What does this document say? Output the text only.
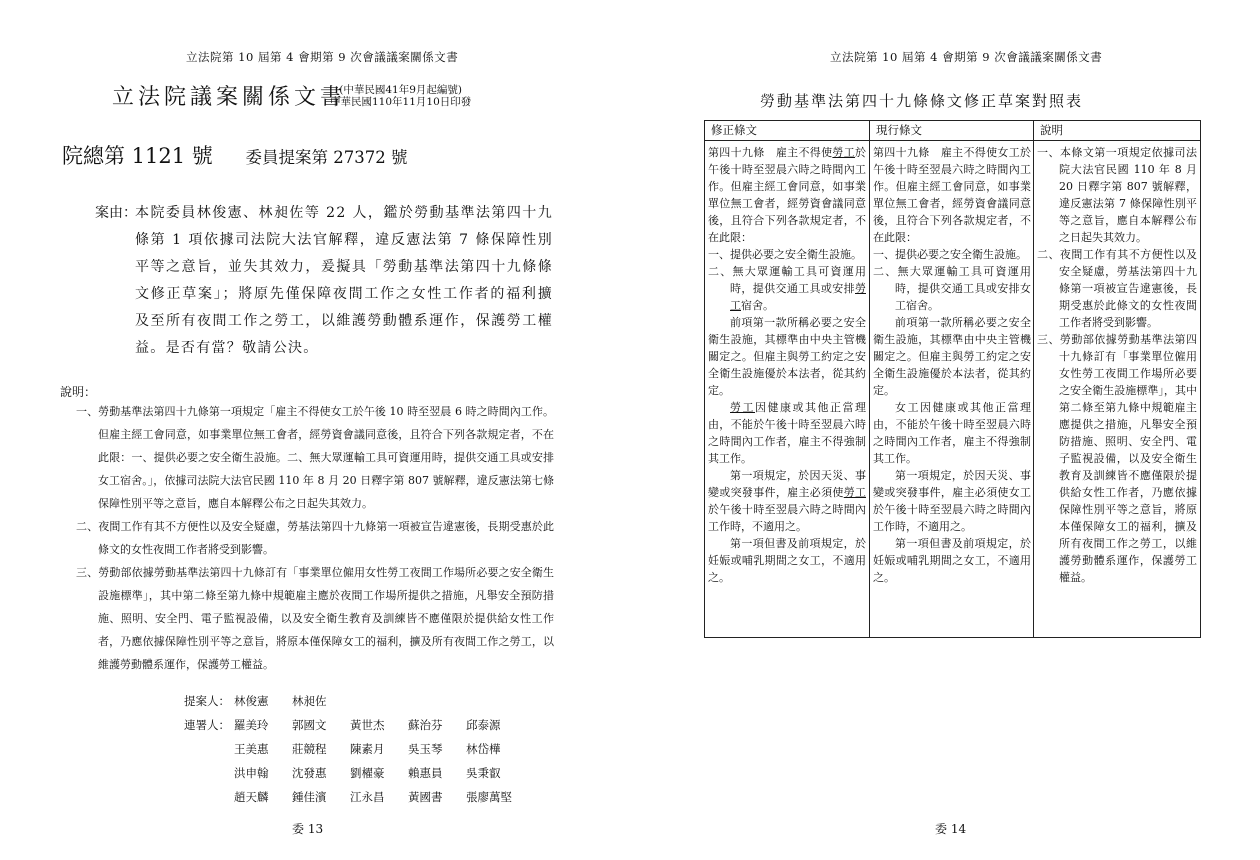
立法院第 10 屆第 4 會期第 9 次會議議案關係文書
立法院議案關係文書
(中華民國41年9月起編號)
中華民國110年11月10日印發
院總第 1121 號 委員提案第 27372 號
案由：
本院委員林俊憲、林昶佐等 22 人，鑑於勞動基準法第四十九條第 1 項依據司法院大法官解釋，違反憲法第 7 條保障性別平等之意旨，並失其效力，爰擬具「勞動基準法第四十九條條文修正草案」；將原先僅保障夜間工作之女性工作者的福利擴及至所有夜間工作之勞工，以維護勞動體系運作，保護勞工權益。是否有當？敬請公決。
說明：
一、勞動基準法第四十九條第一項規定「雇主不得使女工於午後 10 時至翌晨 6 時之時間內工作。但雇主經工會同意，如事業單位無工會者，經勞資會議同意後，且符合下列各款規定者，不在此限：一、提供必要之安全衛生設施。二、無大眾運輸工具可資運用時，提供交通工具或安排女工宿舍。」，依據司法院大法官民國 110 年 8 月 20 日釋字第 807 號解釋，違反憲法第七條保障性別平等之意旨，應自本解釋公布之日起失其效力。
二、夜間工作有其不方便性以及安全疑慮，勞基法第四十九條第一項被宣告違憲後，長期受惠於此條文的女性夜間工作者將受到影響。
三、勞動部依據勞動基準法第四十九條訂有「事業單位僱用女性勞工夜間工作場所必要之安全衛生設施標準」，其中第二條至第九條中規範雇主應於夜間工作場所提供之措施，凡舉安全預防措施、照明、安全門、電子監視設備，以及安全衛生教育及訓練皆不應僅限於提供給女性工作者，乃應依據保障性別平等之意旨，將原本僅保障女工的福利，擴及所有夜間工作之勞工，以維護勞動體系運作，保護勞工權益。
提案人： 林俊憲 林昶佐
連署人： 羅美玲 郭國文 黃世杰 蘇治芬 邱泰源
王美惠 莊競程 陳素月 吳玉琴 林岱樺
洪申翰 沈發惠 劉櫂豪 賴惠員 吳秉叡
趙天麟 鍾佳濱 江永昌 黃國書 張廖萬堅
委 13
立法院第 10 屆第 4 會期第 9 次會議議案關係文書
勞動基準法第四十九條條文修正草案對照表
修正條文

第四十九條　雇主不得使勞工於午後十時至翌晨六時之時間內工作。但雇主經工會同意，如事業單位無工會者，經勞資會議同意後，且符合下列各款規定者，不在此限：

一、提供必要之安全衛生設施。

二、無大眾運輸工具可資運用時，提供交通工具或安排勞工宿舍。

前項第一款所稱必要之安全衛生設施，其標準由中央主管機關定之。但雇主與勞工約定之安全衛生設施優於本法者，從其約定。

勞工因健康或其他正當理由，不能於午後十時至翌晨六時之時間內工作者，雇主不得強制其工作。

第一項規定，於因天災、事變或突發事件，雇主必須使勞工於午後十時至翌晨六時之時間內工作時，不適用之。

第一項但書及前項規定，於妊娠或哺乳期間之女工，不適用之。

現行條文

第四十九條　雇主不得使女工於午後十時至翌晨六時之時間內工作。但雇主經工會同意，如事業單位無工會者，經勞資會議同意後，且符合下列各款規定者，不在此限：

一、提供必要之安全衛生設施。

二、無大眾運輸工具可資運用時，提供交通工具或安排女工宿舍。

前項第一款所稱必要之安全衛生設施，其標準由中央主管機關定之。但雇主與勞工約定之安全衛生設施優於本法者，從其約定。

女工因健康或其他正當理由，不能於午後十時至翌晨六時之時間內工作者，雇主不得強制其工作。

第一項規定，於因天災、事變或突發事件，雇主必須使女工於午後十時至翌晨六時之時間內工作時，不適用之。

第一項但書及前項規定，於妊娠或哺乳期間之女工，不適用之。

說明

一、本條文第一項規定依據司法院大法官民國 110 年 8 月 20 日釋字第 807 號解釋，違反憲法第 7 條保障性別平等之意旨，應自本解釋公布之日起失其效力。

二、夜間工作有其不方便性以及安全疑慮，勞基法第四十九條第一項被宣告違憲後，長期受惠於此條文的女性夜間工作者將受到影響。

三、勞動部依據勞動基準法第四十九條訂有「事業單位僱用女性勞工夜間工作場所必要之安全衛生設施標準」，其中第二條至第九條中規範雇主應提供之措施，凡舉安全預防措施、照明、安全門、電子監視設備，以及安全衛生教育及訓練皆不應僅限於提供給女性工作者，乃應依據保障性別平等之意旨，將原本僅保障女工的福利，擴及所有夜間工作之勞工，以維護勞動體系運作，保護勞工權益。

委 14
